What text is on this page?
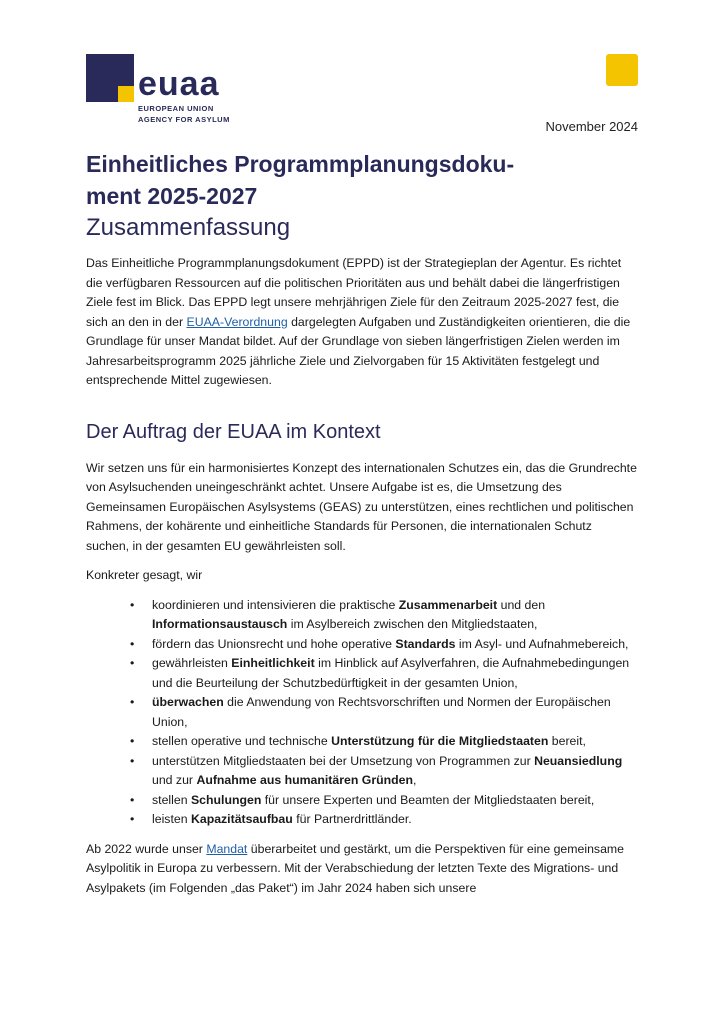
euaa
EUROPEAN UNION
AGENCY FOR ASYLUM	November 2024
Einheitliches Programmplanungsdoku-
ment 2025-2027
Zusammenfassung

Das Einheitliche Programmplanungsdokument (EPPD) ist der Strategieplan der Agentur. Es richtet die verfügbaren Ressourcen auf die politischen Prioritäten aus und behält dabei die längerfristigen Ziele fest im Blick. Das EPPD legt unsere mehrjährigen Ziele für den Zeitraum 2025-2027 fest, die sich an den in der EUAA-Verordnung dargelegten Aufgaben und Zuständigkeiten orientieren, die die Grundlage für unser Mandat bildet. Auf der Grundlage von sieben längerfristigen Zielen werden im Jahresarbeitsprogramm 2025 jährliche Ziele und Zielvorgaben für 15 Aktivitäten festgelegt und entsprechende Mittel zugewiesen.

Der Auftrag der EUAA im Kontext

Wir setzen uns für ein harmonisiertes Konzept des internationalen Schutzes ein, das die Grundrechte von Asylsuchenden uneingeschränkt achtet. Unsere Aufgabe ist es, die Umsetzung des Gemeinsamen Europäischen Asylsystems (GEAS) zu unterstützen, eines rechtlichen und politischen Rahmens, der kohärente und einheitliche Standards für Personen, die internationalen Schutz suchen, in der gesamten EU gewährleisten soll.

Konkreter gesagt, wir

• koordinieren und intensivieren die praktische Zusammenarbeit und den Informationsaustausch im Asylbereich zwischen den Mitgliedstaaten,
• fördern das Unionsrecht und hohe operative Standards im Asyl- und Aufnahmebereich,
• gewährleisten Einheitlichkeit im Hinblick auf Asylverfahren, die Aufnahmebedingungen und die Beurteilung der Schutzbedürftigkeit in der gesamten Union,
• überwachen die Anwendung von Rechtsvorschriften und Normen der Europäischen Union,
• stellen operative und technische Unterstützung für die Mitgliedstaaten bereit,
• unterstützen Mitgliedstaaten bei der Umsetzung von Programmen zur Neuansiedlung und zur Aufnahme aus humanitären Gründen,
• stellen Schulungen für unsere Experten und Beamten der Mitgliedstaaten bereit,
• leisten Kapazitätsaufbau für Partnerdrittländer.

Ab 2022 wurde unser Mandat überarbeitet und gestärkt, um die Perspektiven für eine gemeinsame Asylpolitik in Europa zu verbessern. Mit der Verabschiedung der letzten Texte des Migrations- und Asylpakets (im Folgenden „das Paket“) im Jahr 2024 haben sich unsere
